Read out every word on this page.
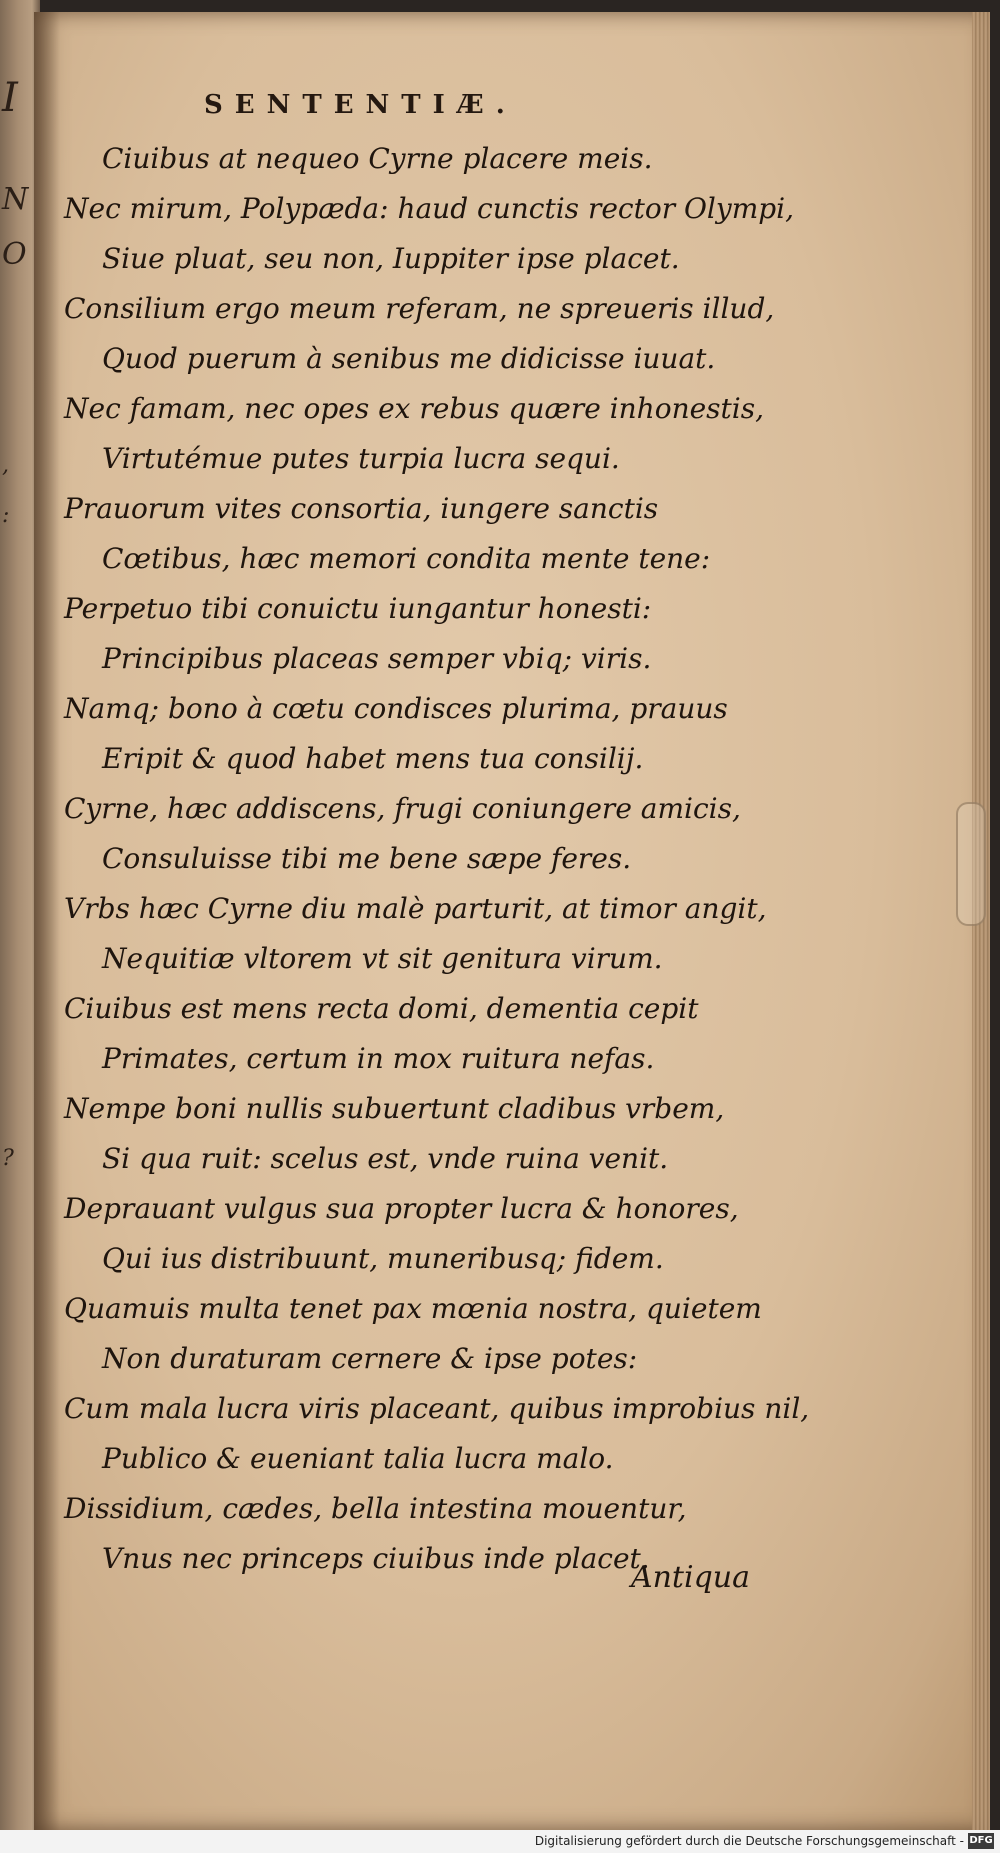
I
N
O
,
:
?
SENTENTIÆ.
Ciuibus at nequeo Cyrne placere meis.
Nec mirum, Polypæda: haud cunctis rector Olympi,
Siue pluat, seu non, Iuppiter ipse placet.
Consilium ergo meum referam, ne spreueris illud,
Quod puerum à senibus me didicisse iuuat.
Nec famam, nec opes ex rebus quære inhonestis,
Virtutémue putes turpia lucra sequi.
Prauorum vites consortia, iungere sanctis
Cœtibus, hæc memori condita mente tene:
Perpetuo tibi conuictu iungantur honesti:
Principibus placeas semper vbiq; viris.
Namq; bono à cœtu condisces plurima, prauus
Eripit & quod habet mens tua consilij.
Cyrne, hæc addiscens, frugi coniungere amicis,
Consuluisse tibi me bene sæpe feres.
Vrbs hæc Cyrne diu malè parturit, at timor angit,
Nequitiæ vltorem vt sit genitura virum.
Ciuibus est mens recta domi, dementia cepit
Primates, certum in mox ruitura nefas.
Nempe boni nullis subuertunt cladibus vrbem,
Si qua ruit: scelus est, vnde ruina venit.
Deprauant vulgus sua propter lucra & honores,
Qui ius distribuunt, muneribusq; fidem.
Quamuis multa tenet pax mœnia nostra, quietem
Non duraturam cernere & ipse potes:
Cum mala lucra viris placeant, quibus improbius nil,
Publico & eueniant talia lucra malo.
Dissidium, cædes, bella intestina mouentur,
Vnus nec princeps ciuibus inde placet.
Antiqua
Digitalisierung gefördert durch die Deutsche Forschungsgemeinschaft - DFG
